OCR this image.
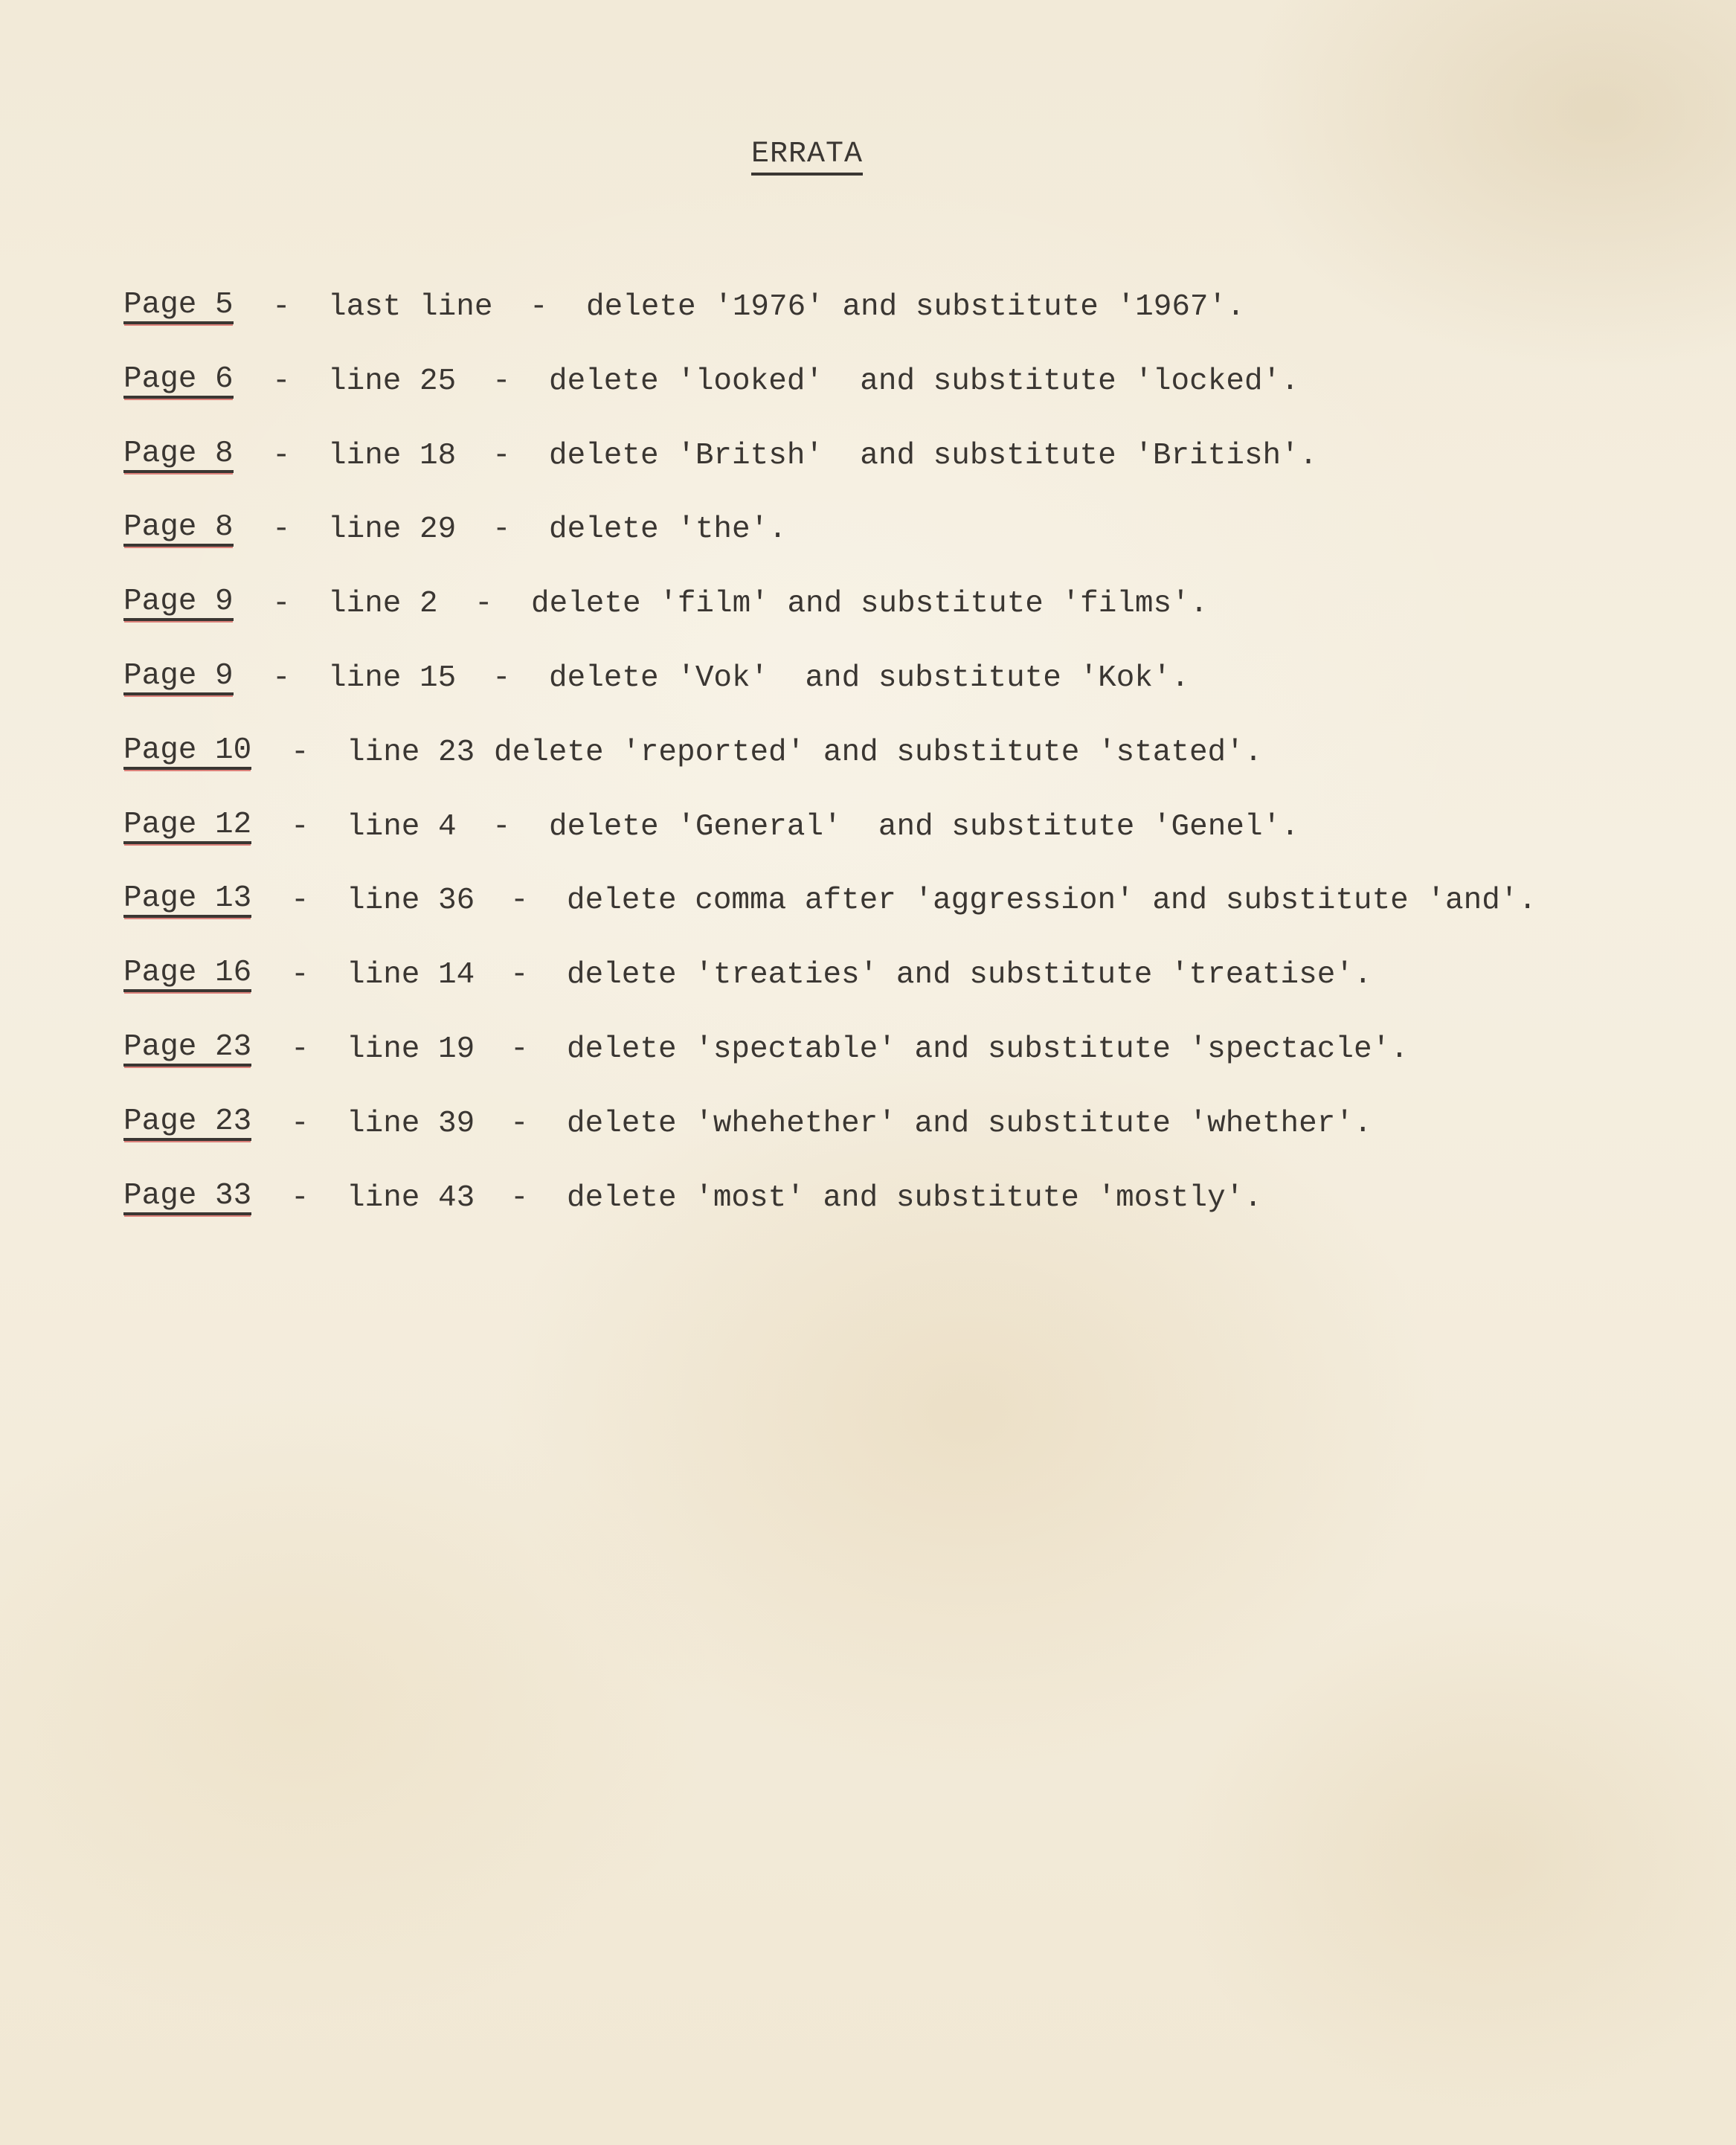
ERRATA
Page 5 - last line - delete '1976' and substitute '1967'.
Page 6 - line 25 - delete 'looked'  and substitute 'locked'.
Page 8 - line 18 - delete 'Britsh'  and substitute 'British'.
Page 8 - line 29 - delete 'the'.
Page 9 - line 2 - delete 'film' and substitute 'films'.
Page 9 - line 15 - delete 'Vok'  and substitute 'Kok'.
Page 10 - line 23 delete 'reported' and substitute 'stated'.
Page 12 - line 4 - delete 'General'  and substitute 'Genel'.
Page 13 - line 36 - delete comma after 'aggression' and substitute 'and'.
Page 16 - line 14 - delete 'treaties' and substitute 'treatise'.
Page 23 - line 19 - delete 'spectable' and substitute 'spectacle'.
Page 23 - line 39 - delete 'whehether' and substitute 'whether'.
Page 33 - line 43 - delete 'most' and substitute 'mostly'.
